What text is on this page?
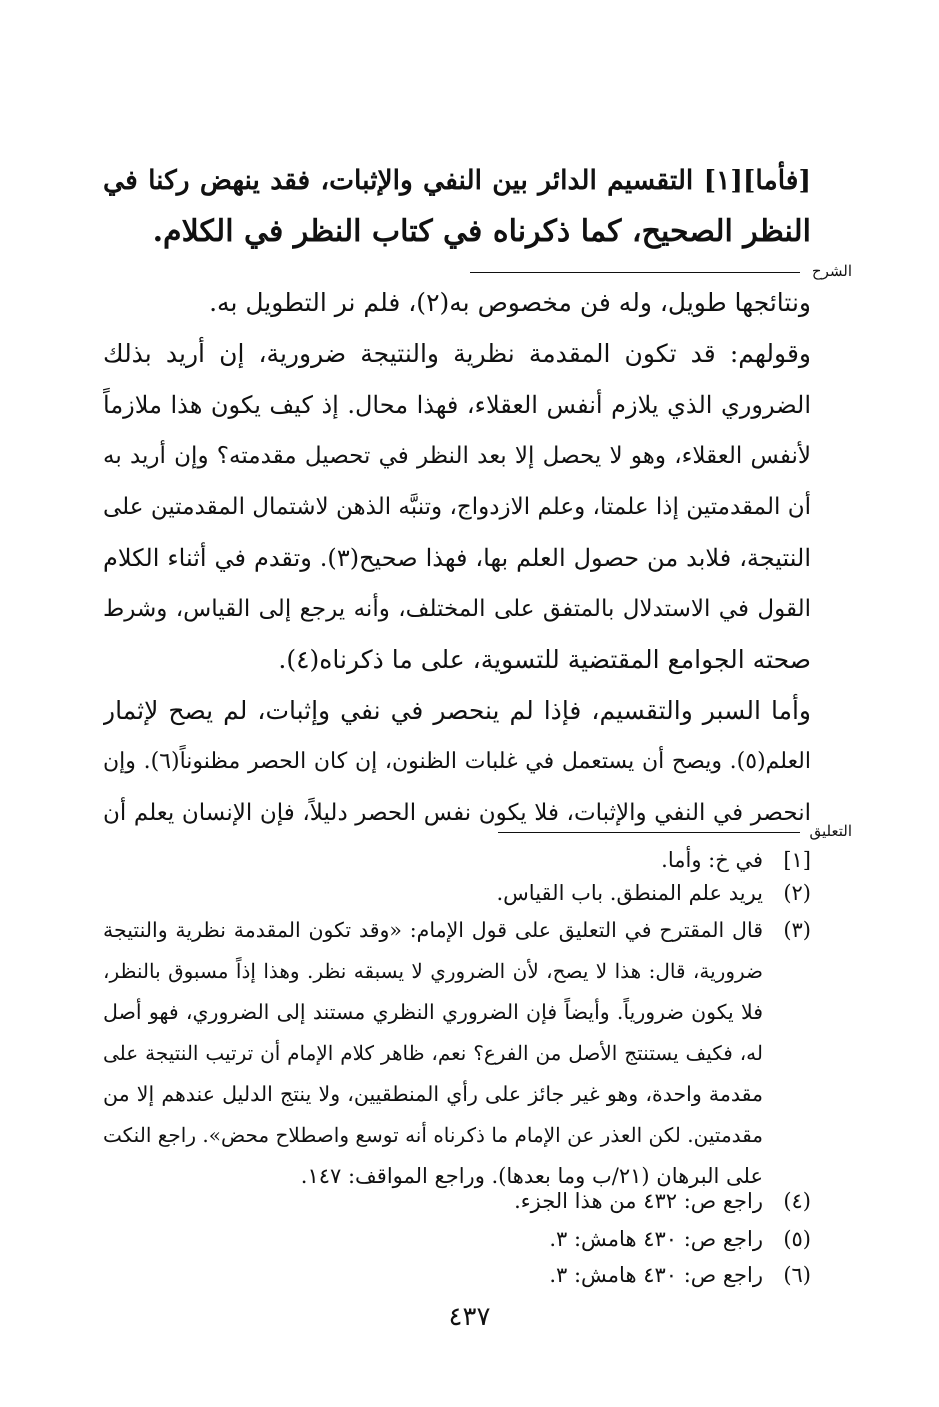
[فأما][١] التقسيم الدائر بين النفي والإثبات، فقد ينهض ركنا في
النظر الصحيح، كما ذكرناه في كتاب النظر في الكلام.
الشرح
ونتائجها طويل، وله فن مخصوص به(٢)، فلم نر التطويل به.
وقولهم: قد تكون المقدمة نظرية والنتيجة ضرورية، إن أريد بذلك
الضروري الذي يلازم أنفس العقلاء، فهذا محال. إذ كيف يكون هذا ملازماً
لأنفس العقلاء، وهو لا يحصل إلا بعد النظر في تحصيل مقدمته؟ وإن أريد به
أن المقدمتين إذا علمتا، وعلم الازدواج، وتنبَّه الذهن لاشتمال المقدمتين على
النتيجة، فلابد من حصول العلم بها، فهذا صحيح(٣). وتقدم في أثناء الكلام
القول في الاستدلال بالمتفق على المختلف، وأنه يرجع إلى القياس، وشرط
صحته الجوامع المقتضية للتسوية، على ما ذكرناه(٤).
وأما السبر والتقسيم، فإذا لم ينحصر في نفي وإثبات، لم يصح لإثمار
العلم(٥). ويصح أن يستعمل في غلبات الظنون، إن كان الحصر مظنوناً(٦). وإن
انحصر في النفي والإثبات، فلا يكون نفس الحصر دليلاً، فإن الإنسان يعلم أن
التعليق
[١]
في خ: وأما.
(٢)
يريد علم المنطق. باب القياس.
(٣)
قال المقترح في التعليق على قول الإمام: «وقد تكون المقدمة نظرية والنتيجة
ضرورية، قال: هذا لا يصح، لأن الضروري لا يسبقه نظر. وهذا إذاً مسبوق بالنظر،
فلا يكون ضرورياً. وأيضاً فإن الضروري النظري مستند إلى الضروري، فهو أصل
له، فكيف يستنتج الأصل من الفرع؟ نعم، ظاهر كلام الإمام أن ترتيب النتيجة على
مقدمة واحدة، وهو غير جائز على رأي المنطقيين، ولا ينتج الدليل عندهم إلا من
مقدمتين. لكن العذر عن الإمام ما ذكرناه أنه توسع واصطلاح محض». راجع النكت
على البرهان (٢١/ب وما بعدها). وراجع المواقف: ١٤٧.
(٤)
راجع ص: ٤٣٢ من هذا الجزء.
(٥)
راجع ص: ٤٣٠ هامش: ٣.
(٦)
راجع ص: ٤٣٠ هامش: ٣.
٤٣٧
